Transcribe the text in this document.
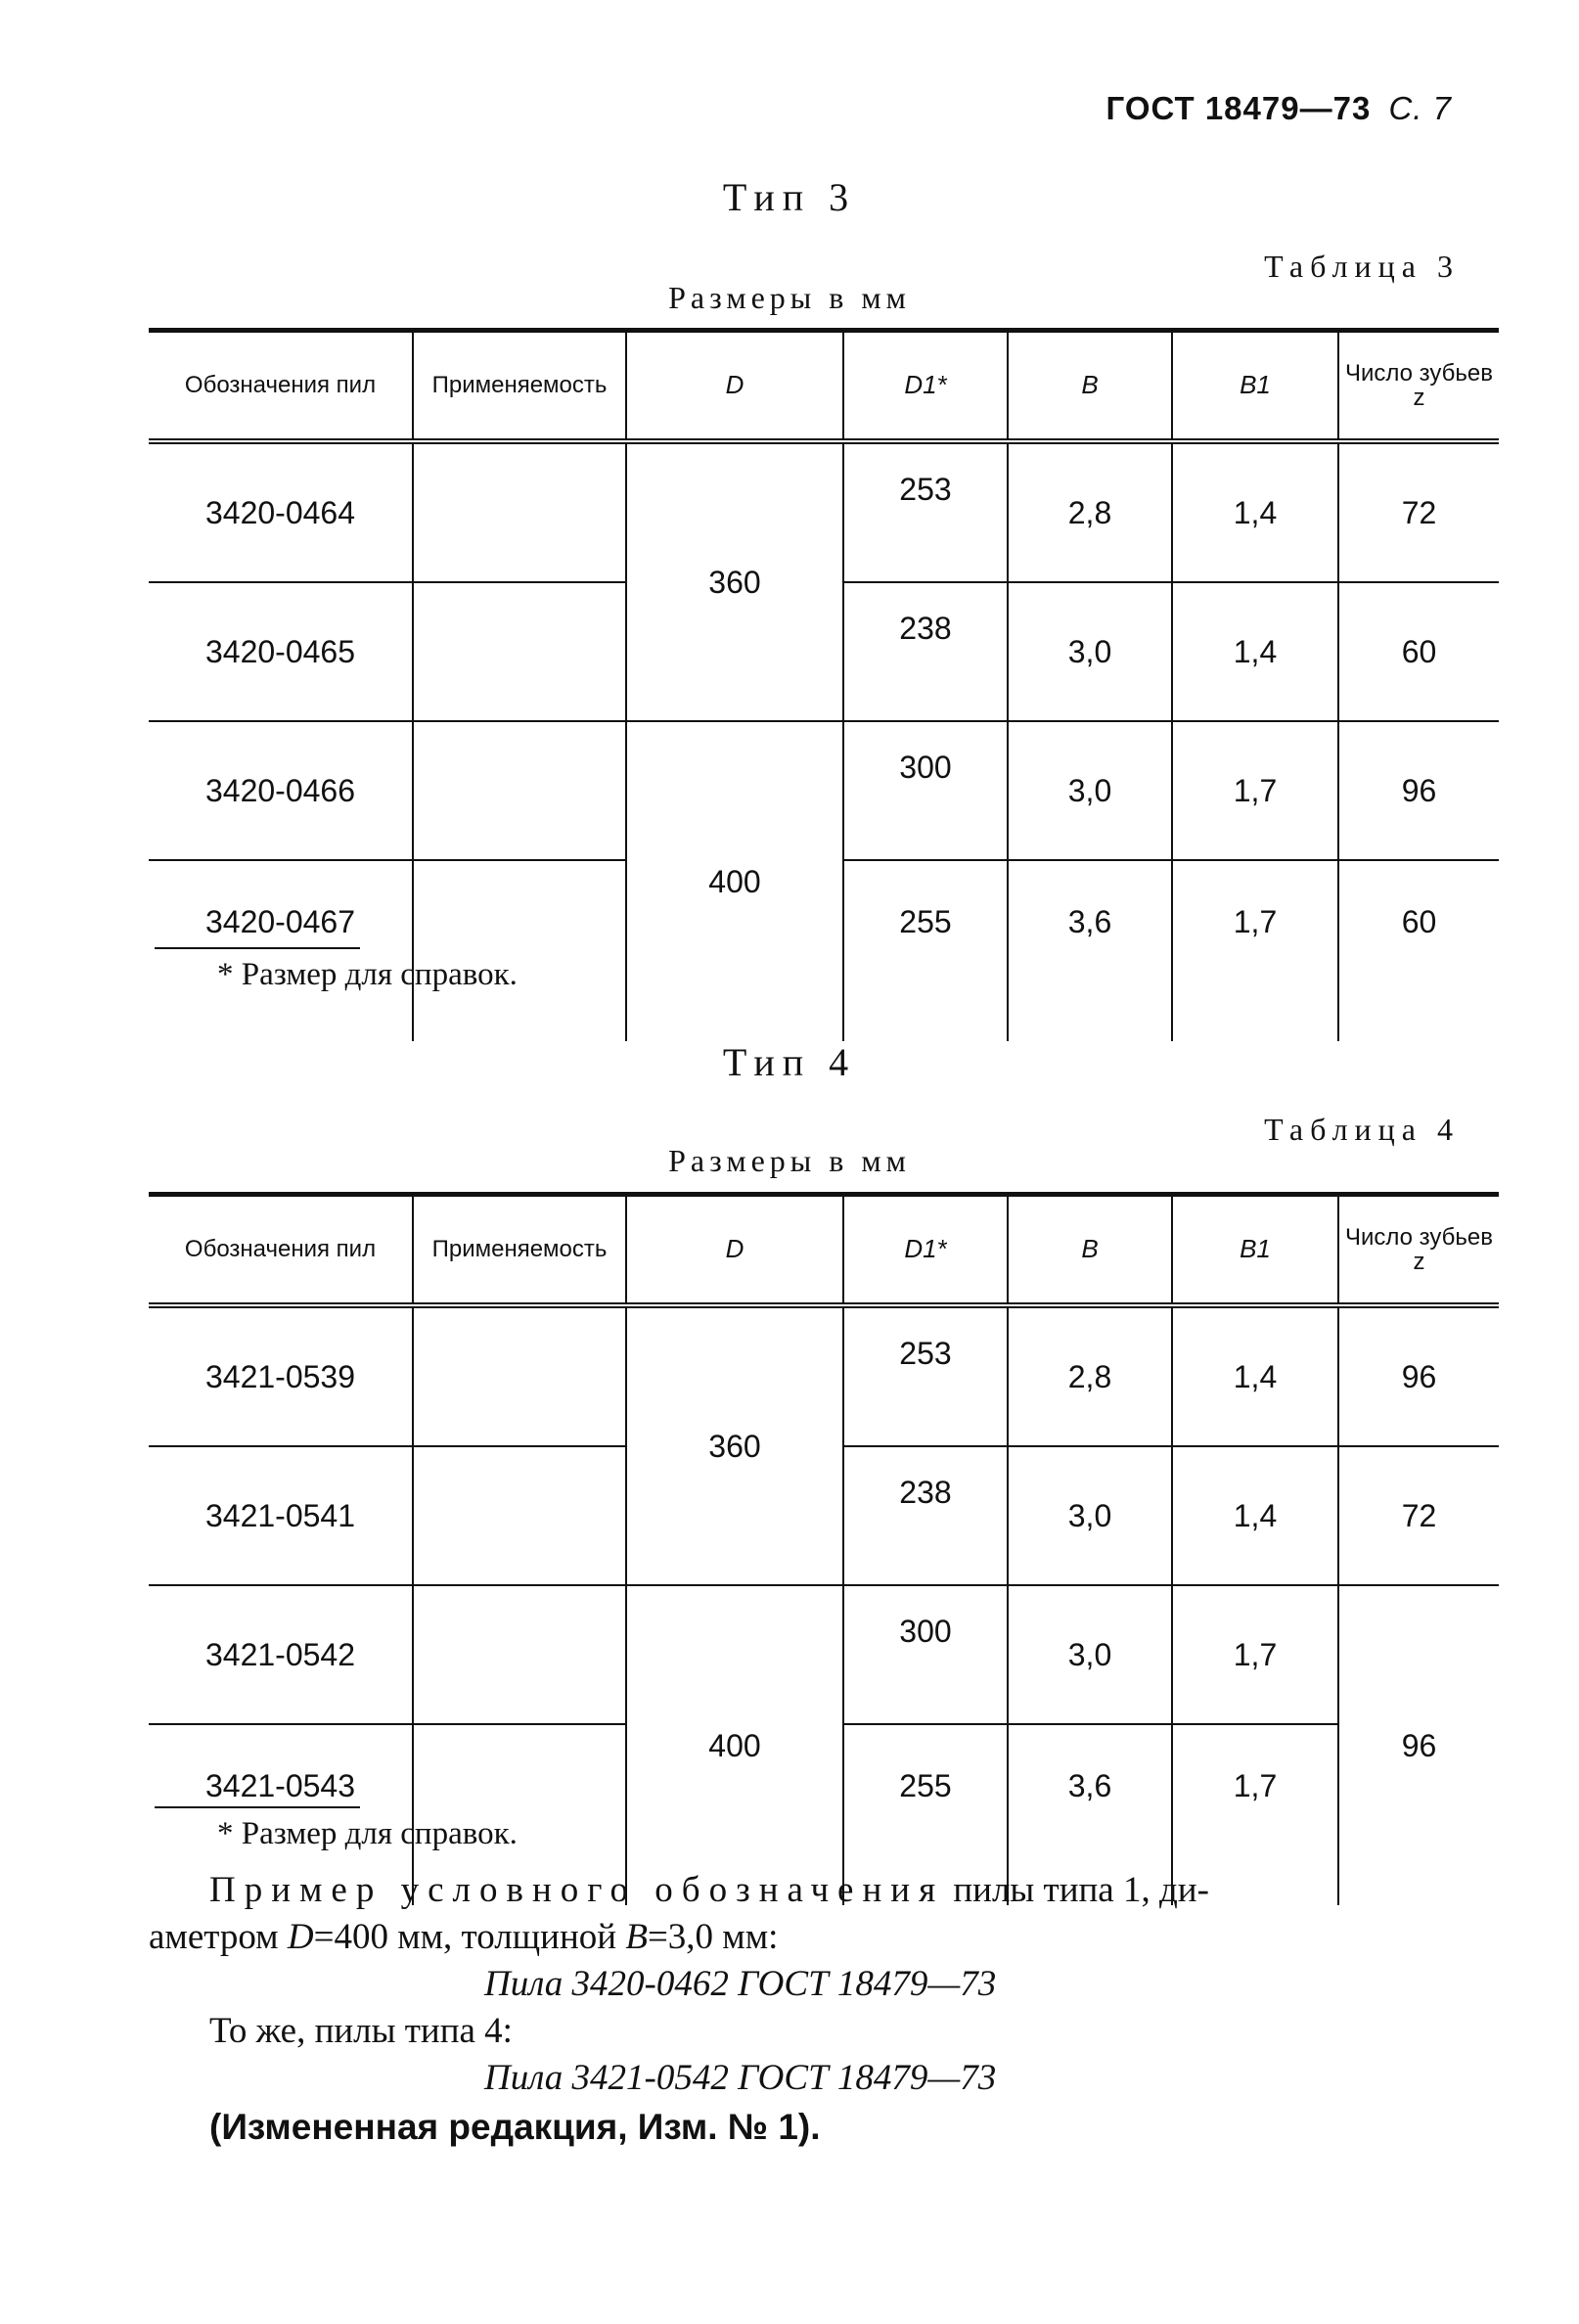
ГОСТ 18479—73 С. 7
Тип 3
Таблица 3
Размеры в мм
Обозначения пил	Применяемость	D	D1*	B	B1	Число зубьев z
3420-0464		360	253	2,8	1,4	72
3420-0465			238	3,0	1,4	60
3420-0466		400	300	3,0	1,7	96
3420-0467			255	3,6	1,7	60
* Размер для справок.
Тип 4
Таблица 4
Размеры в мм
Обозначения пил	Применяемость	D	D1*	B	B1	Число зубьев z
3421-0539		360	253	2,8	1,4	96
3421-0541			238	3,0	1,4	72
3421-0542		400	300	3,0	1,7	96
3421-0543			255	3,6	1,7	
* Размер для справок.
Пример условного обозначения пилы типа 1, ди-
аметром D=400 мм, толщиной B=3,0 мм:
Пила 3420-0462 ГОСТ 18479—73
То же, пилы типа 4:
Пила 3421-0542 ГОСТ 18479—73
(Измененная редакция, Изм. № 1).
